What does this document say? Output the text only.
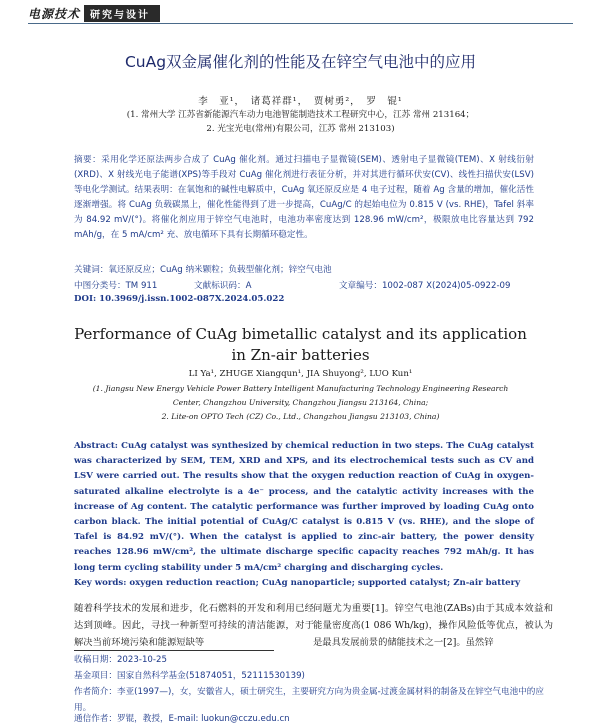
电源技术	研究与设计
CuAg双金属催化剂的性能及在锌空气电池中的应用
李　亚¹，　诸葛祥群¹，　贾树勇²，　罗　锟¹
(1. 常州大学 江苏省新能源汽车动力电池智能制造技术工程研究中心，江苏 常州 213164；
2. 光宝光电(常州)有限公司，江苏 常州 213103)
摘要：采用化学还原法两步合成了 CuAg 催化剂。通过扫描电子显微镜(SEM)、透射电子显微镜(TEM)、X 射线衍射(XRD)、X 射线光电子能谱(XPS)等手段对 CuAg 催化剂进行表征分析，并对其进行循环伏安(CV)、线性扫描伏安(LSV)等电化学测试。结果表明：在氧饱和的碱性电解质中，CuAg 氧还原反应是 4 电子过程，随着 Ag 含量的增加，催化活性逐渐增强。将 CuAg 负载碳黑上，催化性能得到了进一步提高，CuAg/C 的起始电位为 0.815 V (vs. RHE)，Tafel 斜率为 84.92 mV/(°)。将催化剂应用于锌空气电池时，电池功率密度达到 128.96 mW/cm²，极限放电比容量达到 792 mAh/g，在 5 mA/cm² 充、放电循环下具有长期循环稳定性。
关键词：氧还原反应；CuAg 纳米颗粒；负载型催化剂；锌空气电池
中图分类号：TM 911	文献标识码：A	文章编号：1002-087 X(2024)05-0922-09
DOI: 10.3969/j.issn.1002-087X.2024.05.022
Performance of CuAg bimetallic catalyst and its application
in Zn-air batteries
LI Ya¹, ZHUGE Xiangqun¹, JIA Shuyong², LUO Kun¹
(1. Jiangsu New Energy Vehicle Power Battery Intelligent Manufacturing Technology Engineering Research
Center, Changzhou University, Changzhou Jiangsu 213164, China;
2. Lite-on OPTO Tech (CZ) Co., Ltd., Changzhou Jiangsu 213103, China)
Abstract: CuAg catalyst was synthesized by chemical reduction in two steps. The CuAg catalyst was characterized by SEM, TEM, XRD and XPS, and its electrochemical tests such as CV and LSV were carried out. The results show that the oxygen reduction reaction of CuAg in oxygen-saturated alkaline electrolyte is a 4e⁻ process, and the catalytic activity increases with the increase of Ag content. The catalytic performance was further improved by loading CuAg onto carbon black. The initial potential of CuAg/C catalyst is 0.815 V (vs. RHE), and the slope of Tafel is 84.92 mV/(°). When the catalyst is applied to zinc-air battery, the power density reaches 128.96 mW/cm², the ultimate discharge specific capacity reaches 792 mAh/g. It has long term cycling stability under 5 mA/cm² charging and discharging cycles.
Key words: oxygen reduction reaction; CuAg nanoparticle; supported catalyst; Zn-air battery
随着科学技术的发展和进步，化石燃料的开发和利用已经达到顶峰。因此，寻找一种新型可持续的清洁能源，对于解决当前环境污染和能源短缺等
问题尤为重要[1]。锌空气电池(ZABs)由于其成本效益和能量密度高(1 086 Wh/kg)，操作风险低等优点，被认为是最具发展前景的储能技术之一[2]。虽然锌
收稿日期：2023-10-25
基金项目：国家自然科学基金(51874051，52111530139)
作者简介：李亚(1997—)，女，安徽省人，硕士研究生，主要研究方向为贵金属-过渡金属材料的制备及在锌空气电池中的应用。
通信作者：罗锟，教授，E-mail: luokun@cczu.edu.cn
